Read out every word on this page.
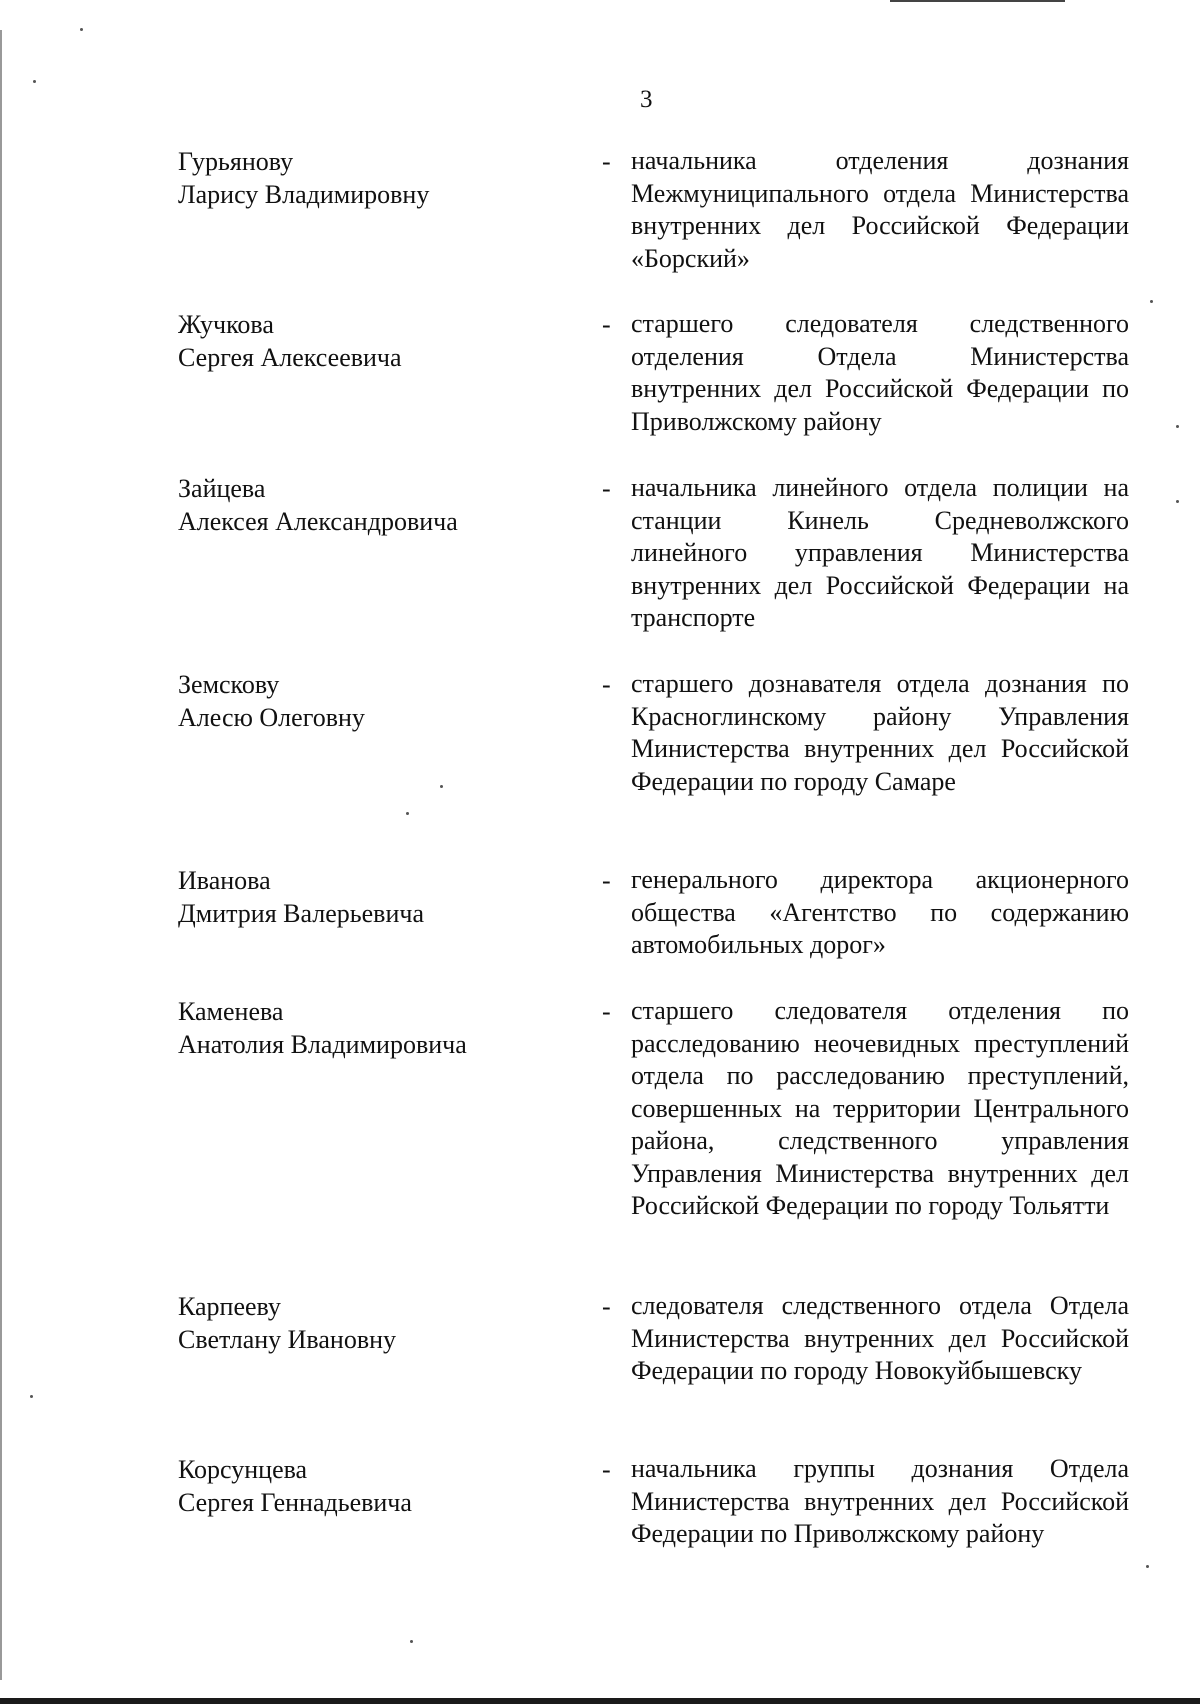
3
Гурьянову
Ларису Владимировну
- начальника отделения дознания Межмуниципального отдела Министерства внутренних дел Российской Федерации «Борский»
Жучкова
Сергея Алексеевича
- старшего следователя следственного отделения Отдела Министерства внутренних дел Российской Федерации по Приволжскому району
Зайцева
Алексея Александровича
- начальника линейного отдела полиции на станции Кинель Средневолжского линейного управления Министерства внутренних дел Российской Федерации на транспорте
Земскову
Алесю Олеговну
- старшего дознавателя отдела дознания по Красноглинскому району Управления Министерства внутренних дел Российской Федерации по городу Самаре
Иванова
Дмитрия Валерьевича
- генерального директора акционерного общества «Агентство по содержанию автомобильных дорог»
Каменева
Анатолия Владимировича
- старшего следователя отделения по расследованию неочевидных преступлений отдела по расследованию преступлений, совершенных на территории Центрального района, следственного управления Управления Министерства внутренних дел Российской Федерации по городу Тольятти
Карпееву
Светлану Ивановну
- следователя следственного отдела Отдела Министерства внутренних дел Российской Федерации по городу Новокуйбышевску
Корсунцева
Сергея Геннадьевича
- начальника группы дознания Отдела Министерства внутренних дел Российской Федерации по Приволжскому району
